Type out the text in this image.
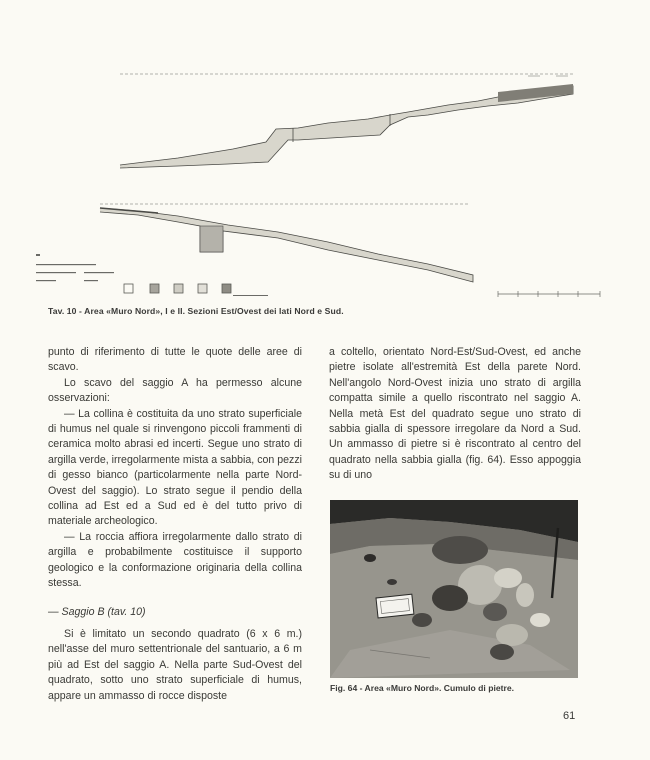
Tav. 10 - Area «Muro Nord», I e II. Sezioni Est/Ovest dei lati Nord e Sud.

punto di riferimento di tutte le quote delle aree di scavo.

Lo scavo del saggio A ha permesso alcune osservazioni:

— La collina è costituita da uno strato superficiale di humus nel quale si rinvengono piccoli frammenti di ceramica molto abrasi ed incerti. Segue uno strato di argilla verde, irregolarmente mista a sabbia, con pezzi di gesso bianco (particolarmente nella parte Nord-Ovest del saggio). Lo strato segue il pendio della collina ad Est ed a Sud ed è del tutto privo di materiale archeologico.

— La roccia affiora irregolarmente dallo strato di argilla e probabilmente costituisce il supporto geologico e la conformazione originaria della collina stessa.

— Saggio B (tav. 10)

Si è limitato un secondo quadrato (6 x 6 m.) nell'asse del muro settentrionale del santuario, a 6 m più ad Est del saggio A. Nella parte Sud-Ovest del quadrato, sotto uno strato superficiale di humus, appare un ammasso di rocce disposte

a coltello, orientato Nord-Est/Sud-Ovest, ed anche pietre isolate all'estremità Est della parete Nord. Nell'angolo Nord-Ovest inizia uno strato di argilla compatta simile a quello riscontrato nel saggio A. Nella metà Est del quadrato segue uno strato di sabbia gialla di spessore irregolare da Nord a Sud. Un ammasso di pietre si è riscontrato al centro del quadrato nella sabbia gialla (fig. 64). Esso appoggia su di uno

Fig. 64 - Area «Muro Nord». Cumulo di pietre.
61
